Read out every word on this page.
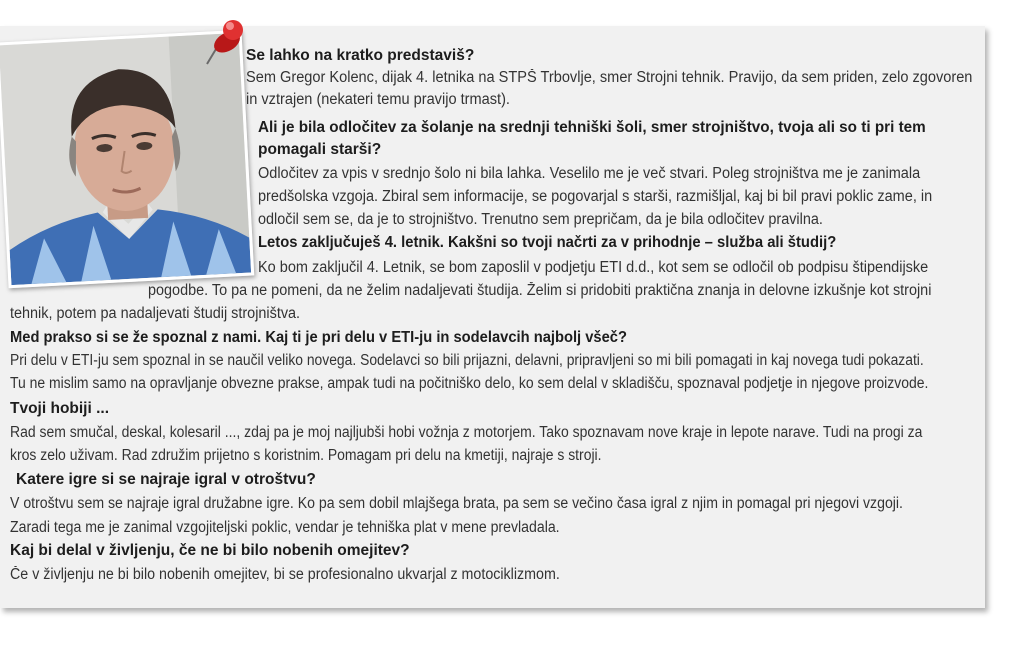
Se lahko na kratko predstaviš?
Sem Gregor Kolenc, dijak 4. letnika na STPŠ Trbovlje, smer Strojni tehnik. Pravijo, da sem priden, zelo zgovoren
in vztrajen (nekateri temu pravijo trmast).
Ali je bila odločitev za šolanje na srednji tehniški šoli, smer strojništvo, tvoja ali so ti pri tem
pomagali starši?
Odločitev za vpis v srednjo šolo ni bila lahka. Veselilo me je več stvari. Poleg strojništva me je zanimala
predšolska vzgoja. Zbiral sem informacije, se pogovarjal s starši, razmišljal, kaj bi bil pravi poklic zame, in
odločil sem se, da je to strojništvo. Trenutno sem prepričam, da je bila odločitev pravilna.
Letos zaključuješ 4. letnik. Kakšni so tvoji načrti za v prihodnje – služba ali študij?
Ko bom zaključil 4. Letnik, se bom zaposlil v podjetju ETI d.d., kot sem se odločil ob podpisu štipendijske
pogodbe. To pa ne pomeni, da ne želim nadaljevati študija. Želim si pridobiti praktična znanja in delovne izkušnje kot strojni
tehnik, potem pa nadaljevati študij strojništva.
Med prakso si se že spoznal z nami. Kaj ti je pri delu v ETI-ju in sodelavcih najbolj všeč?
Pri delu v ETI-ju sem spoznal in se naučil veliko novega. Sodelavci so bili prijazni, delavni, pripravljeni so mi bili pomagati in kaj novega tudi pokazati.
Tu ne mislim samo na opravljanje obvezne prakse, ampak tudi na počitniško delo, ko sem delal v skladišču, spoznaval podjetje in njegove proizvode.
Tvoji hobiji ...
Rad sem smučal, deskal, kolesaril ..., zdaj pa je moj najljubši hobi vožnja z motorjem. Tako spoznavam nove kraje in lepote narave. Tudi na progi za
kros zelo uživam. Rad združim prijetno s koristnim. Pomagam pri delu na kmetiji, najraje s stroji.
Katere igre si se najraje igral v otroštvu?
V otroštvu sem se najraje igral družabne igre. Ko pa sem dobil mlajšega brata, pa sem se večino časa igral z njim in pomagal pri njegovi vzgoji.
Zaradi tega me je zanimal vzgojiteljski poklic, vendar je tehniška plat v mene prevladala.
Kaj bi delal v življenju, če ne bi bilo nobenih omejitev?
Če v življenju ne bi bilo nobenih omejitev, bi se profesionalno ukvarjal z motociklizmom.
